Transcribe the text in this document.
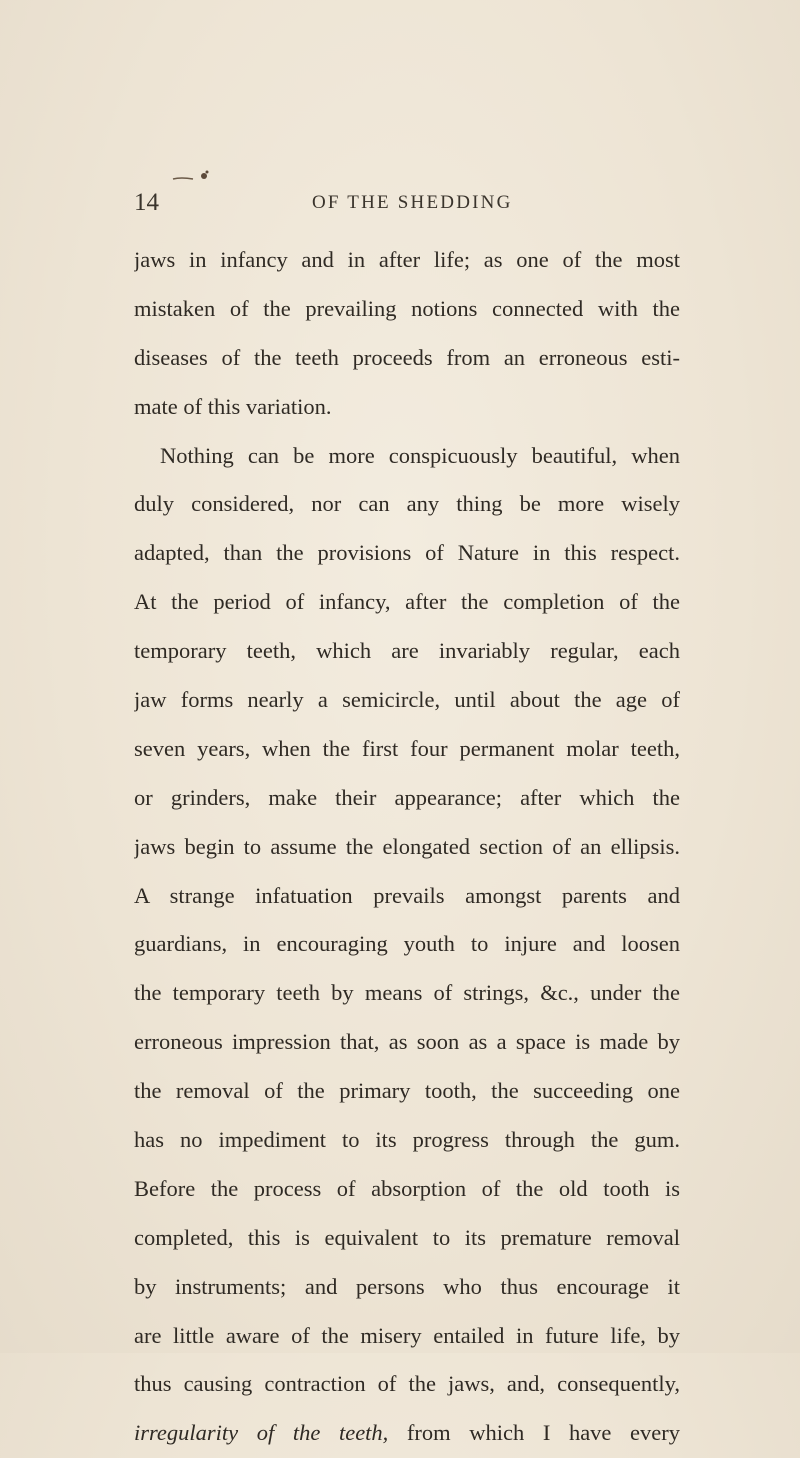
14	OF THE SHEDDING
jaws in infancy and in after life; as one of the most
mistaken of the prevailing notions connected with the
diseases of the teeth proceeds from an erroneous esti-
mate of this variation.
Nothing can be more conspicuously beautiful, when
duly considered, nor can any thing be more wisely
adapted, than the provisions of Nature in this respect.
At the period of infancy, after the completion of the
temporary teeth, which are invariably regular, each
jaw forms nearly a semicircle, until about the age of
seven years, when the first four permanent molar teeth,
or grinders, make their appearance; after which the
jaws begin to assume the elongated section of an ellipsis.
A strange infatuation prevails amongst parents and
guardians, in encouraging youth to injure and loosen
the temporary teeth by means of strings, &c., under the
erroneous impression that, as soon as a space is made by
the removal of the primary tooth, the succeeding one
has no impediment to its progress through the gum.
Before the process of absorption of the old tooth is
completed, this is equivalent to its premature removal
by instruments; and persons who thus encourage it
are little aware of the misery entailed in future life, by
thus causing contraction of the jaws, and, consequently,
irregularity of the teeth, from which I have every
